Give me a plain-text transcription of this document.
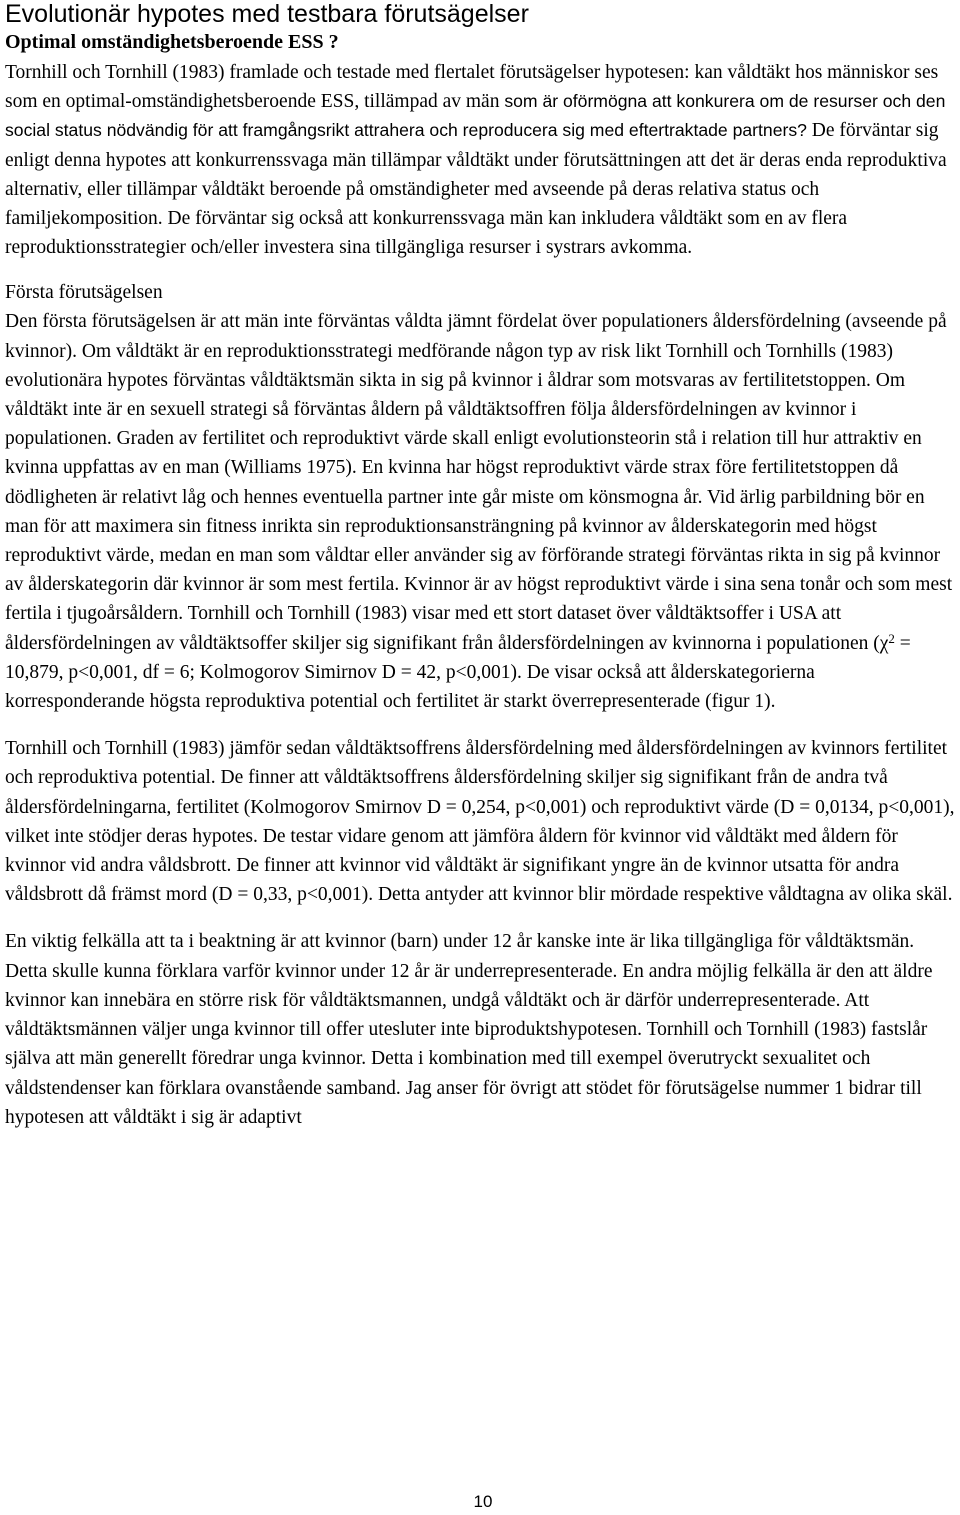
Evolutionär hypotes med testbara förutsägelser
Optimal omständighetsberoende ESS ?

Tornhill och Tornhill (1983) framlade och testade med flertalet förutsägelser hypotesen: kan våldtäkt hos människor ses som en optimal-omständighetsberoende ESS, tillämpad av män som är oförmögna att konkurera om de resurser och den social status nödvändig för att framgångsrikt attrahera och reproducera sig med eftertraktade partners? De förväntar sig enligt denna hypotes att konkurrenssvaga män tillämpar våldtäkt under förutsättningen att det är deras enda reproduktiva alternativ, eller tillämpar våldtäkt beroende på omständigheter med avseende på deras relativa status och familjekomposition. De förväntar sig också att konkurrenssvaga män kan inkludera våldtäkt som en av flera reproduktionsstrategier och/eller investera sina tillgängliga resurser i systrars avkomma.

Första förutsägelsen

Den första förutsägelsen är att män inte förväntas våldta jämnt fördelat över populationers åldersfördelning (avseende på kvinnor). Om våldtäkt är en reproduktionsstrategi medförande någon typ av risk likt Tornhill och Tornhills (1983) evolutionära hypotes förväntas våldtäktsmän sikta in sig på kvinnor i åldrar som motsvaras av fertilitetstoppen. Om våldtäkt inte är en sexuell strategi så förväntas åldern på våldtäktsoffren följa åldersfördelningen av kvinnor i populationen. Graden av fertilitet och reproduktivt värde skall enligt evolutionsteorin stå i relation till hur attraktiv en kvinna uppfattas av en man (Williams 1975). En kvinna har högst reproduktivt värde strax före fertilitetstoppen då dödligheten är relativt låg och hennes eventuella partner inte går miste om könsmogna år. Vid ärlig parbildning bör en man för att maximera sin fitness inrikta sin reproduktionsansträngning på kvinnor av ålderskategorin med högst reproduktivt värde, medan en man som våldtar eller använder sig av förförande strategi förväntas rikta in sig på kvinnor av ålderskategorin där kvinnor är som mest fertila. Kvinnor är av högst reproduktivt värde i sina sena tonår och som mest fertila i tjugoårsåldern. Tornhill och Tornhill (1983) visar med ett stort dataset över våldtäktsoffer i USA att åldersfördelningen av våldtäktsoffer skiljer sig signifikant från åldersfördelningen av kvinnorna i populationen ($\chi^2 = 10,879$, p<0,001, df = 6; Kolmogorov Simirnov D = 42, p<0,001). De visar också att ålderskategorierna korresponderande högsta reproduktiva potential och fertilitet är starkt överrepresenterade (figur 1).

Tornhill och Tornhill (1983) jämför sedan våldtäktsoffrens åldersfördelning med åldersfördelningen av kvinnors fertilitet och reproduktiva potential. De finner att våldtäktsoffrens åldersfördelning skiljer sig signifikant från de andra två åldersfördelningarna, fertilitet (Kolmogorov Smirnov D = 0,254, p<0,001) och reproduktivt värde (D = 0,0134, p<0,001), vilket inte stödjer deras hypotes. De testar vidare genom att jämföra åldern för kvinnor vid våldtäkt med åldern för kvinnor vid andra våldsbrott. De finner att kvinnor vid våldtäkt är signifikant yngre än de kvinnor utsatta för andra våldsbrott då främst mord (D = 0,33, p<0,001). Detta antyder att kvinnor blir mördade respektive våldtagna av olika skäl.

En viktig felkälla att ta i beaktning är att kvinnor (barn) under 12 år kanske inte är lika tillgängliga för våldtäktsmän. Detta skulle kunna förklara varför kvinnor under 12 år är underrepresenterade. En andra möjlig felkälla är den att äldre kvinnor kan innebära en större risk för våldtäktsmannen, undgå våldtäkt och är därför underrepresenterade. Att våldtäktsmännen väljer unga kvinnor till offer utesluter inte biproduktshypotesen. Tornhill och Tornhill (1983) fastslår själva att män generellt föredrar unga kvinnor. Detta i kombination med till exempel överutryckt sexualitet och våldstendenser kan förklara ovanstående samband. Jag anser för övrigt att stödet för förutsägelse nummer 1 bidrar till hypotesen att våldtäkt i sig är adaptivt

10
